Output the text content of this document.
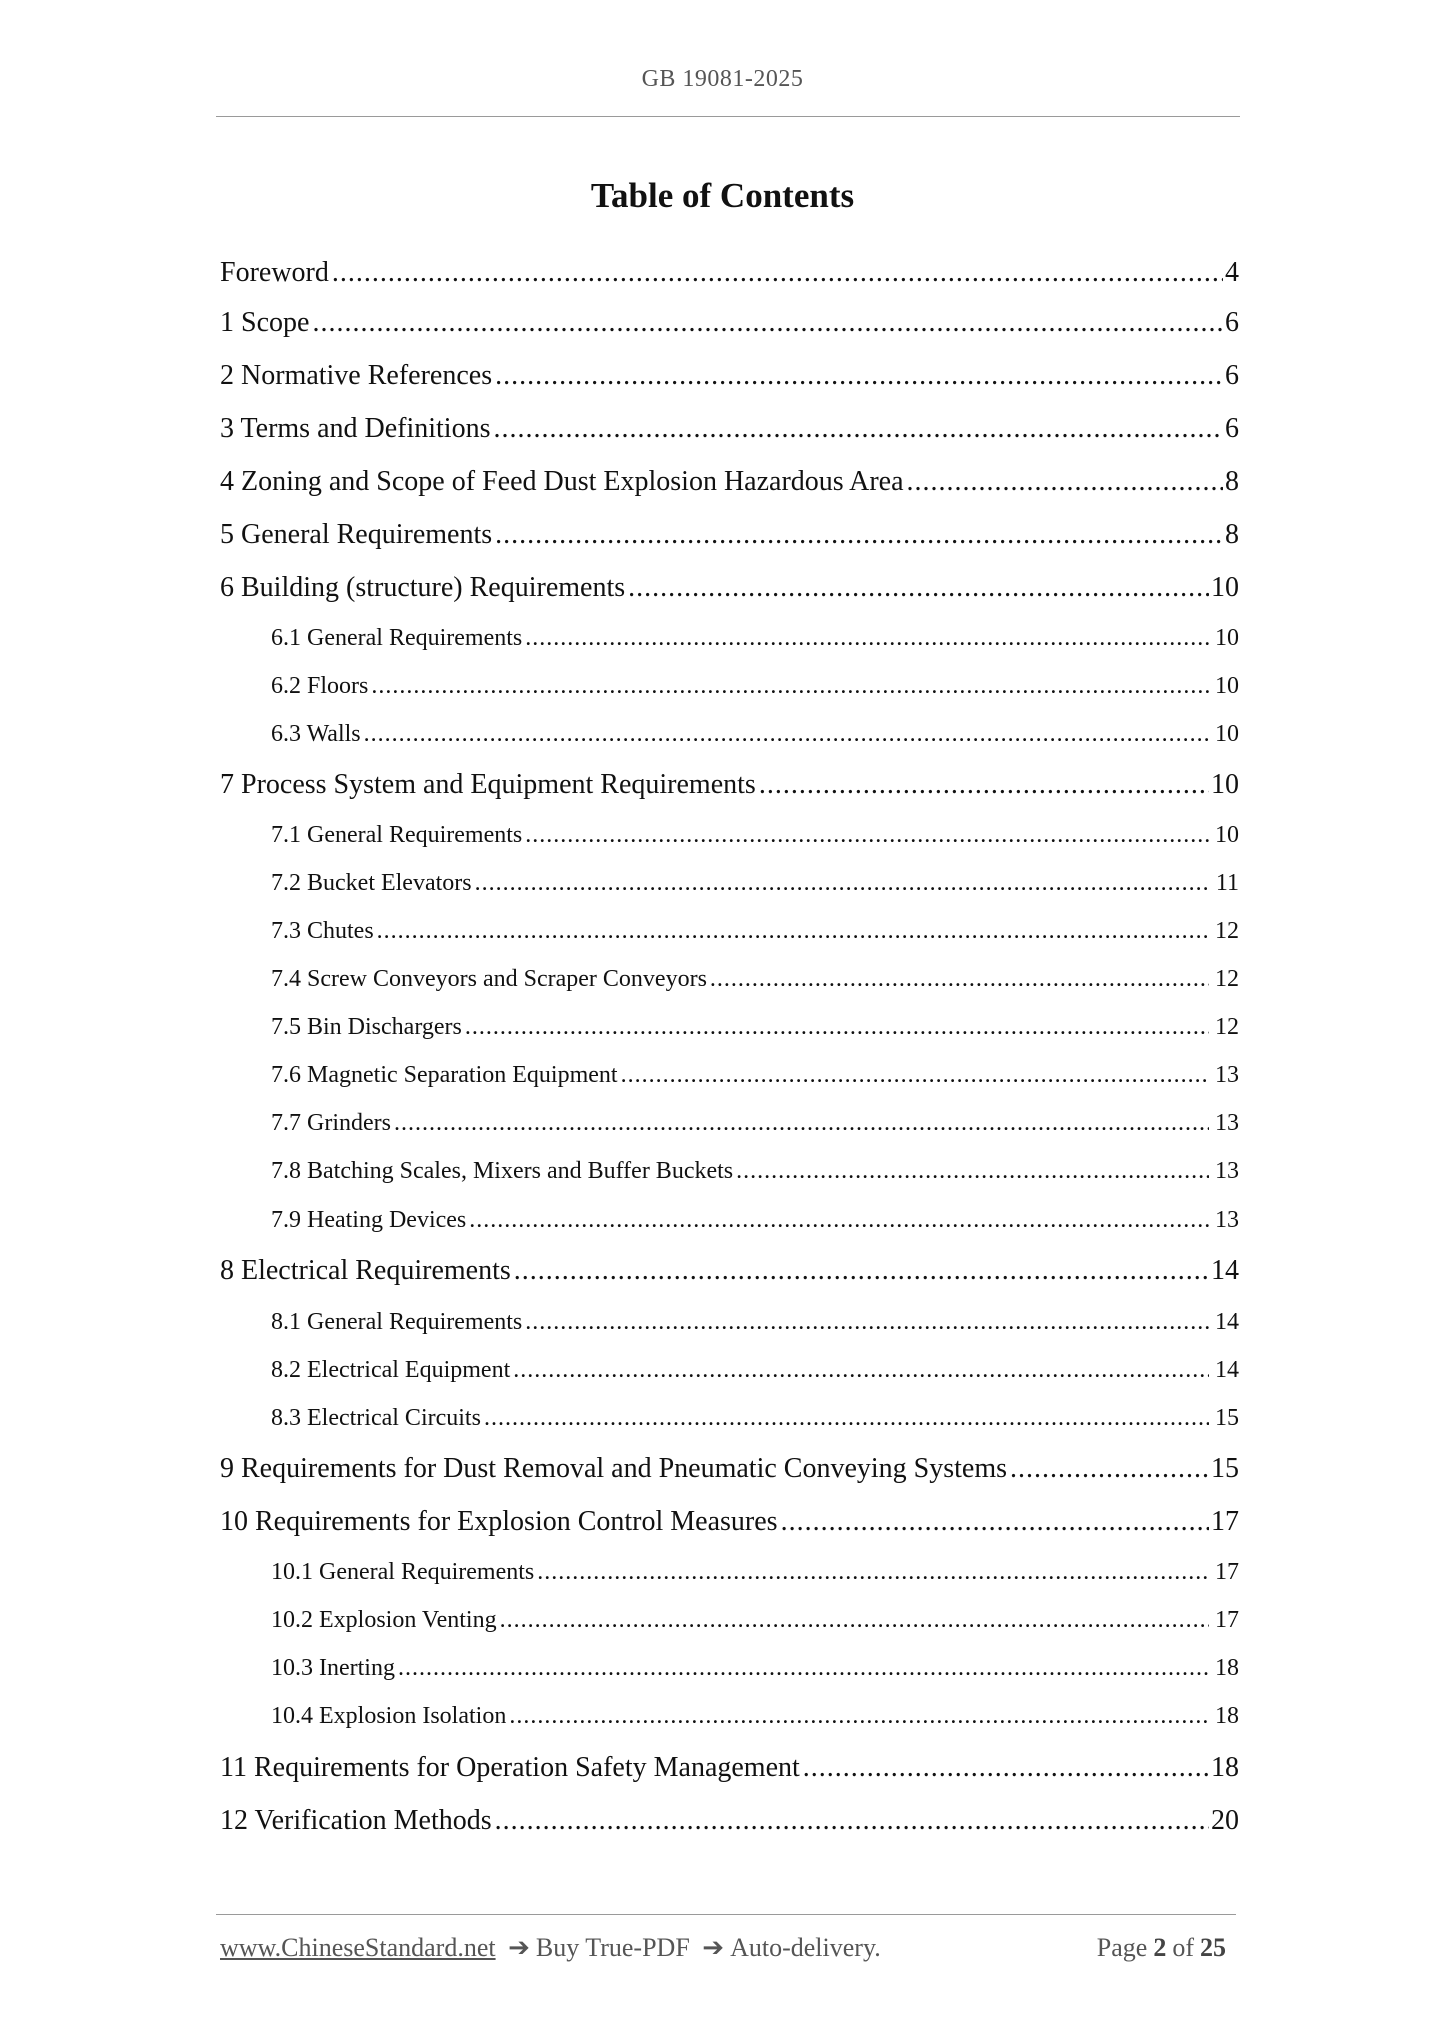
GB 19081-2025
Table of Contents
Foreword .....	4
1 Scope .....	6
2 Normative References .....	6
3 Terms and Definitions .....	6
4 Zoning and Scope of Feed Dust Explosion Hazardous Area .....	8
5 General Requirements .....	8
6 Building (structure) Requirements .....	10
6.1 General Requirements .....	10
6.2 Floors .....	10
6.3 Walls .....	10
7 Process System and Equipment Requirements .....	10
7.1 General Requirements .....	10
7.2 Bucket Elevators .....	11
7.3 Chutes .....	12
7.4 Screw Conveyors and Scraper Conveyors .....	12
7.5 Bin Dischargers .....	12
7.6 Magnetic Separation Equipment .....	13
7.7 Grinders .....	13
7.8 Batching Scales, Mixers and Buffer Buckets .....	13
7.9 Heating Devices .....	13
8 Electrical Requirements .....	14
8.1 General Requirements .....	14
8.2 Electrical Equipment .....	14
8.3 Electrical Circuits .....	15
9 Requirements for Dust Removal and Pneumatic Conveying Systems .....	15
10 Requirements for Explosion Control Measures .....	17
10.1 General Requirements .....	17
10.2 Explosion Venting .....	17
10.3 Inerting .....	18
10.4 Explosion Isolation .....	18
11 Requirements for Operation Safety Management .....	18
12 Verification Methods .....	20
www.ChineseStandard.net ➔ Buy True-PDF ➔ Auto-delivery.	Page 2 of 25
